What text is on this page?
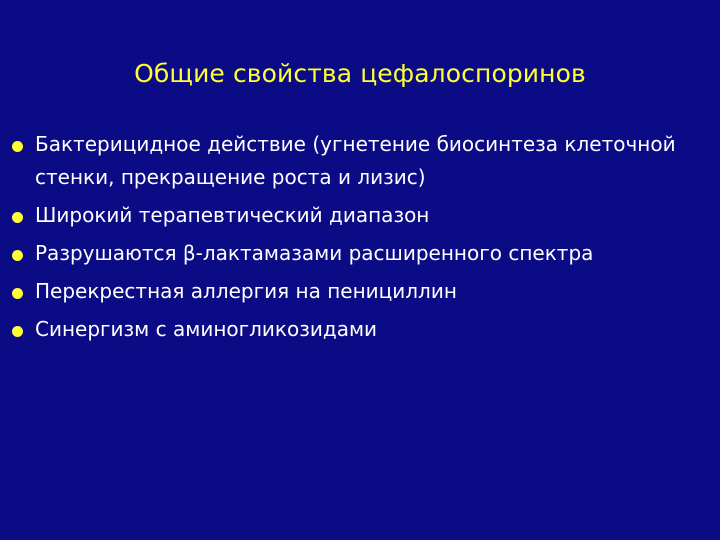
Общие свойства цефалоспоринов
Бактерицидное действие (угнетение биосинтеза клеточной стенки, прекращение роста и лизис)
Широкий терапевтический диапазон
Разрушаются β-лактамазами расширенного спектра
Перекрестная аллергия на пенициллин
Синергизм с аминогликозидами
